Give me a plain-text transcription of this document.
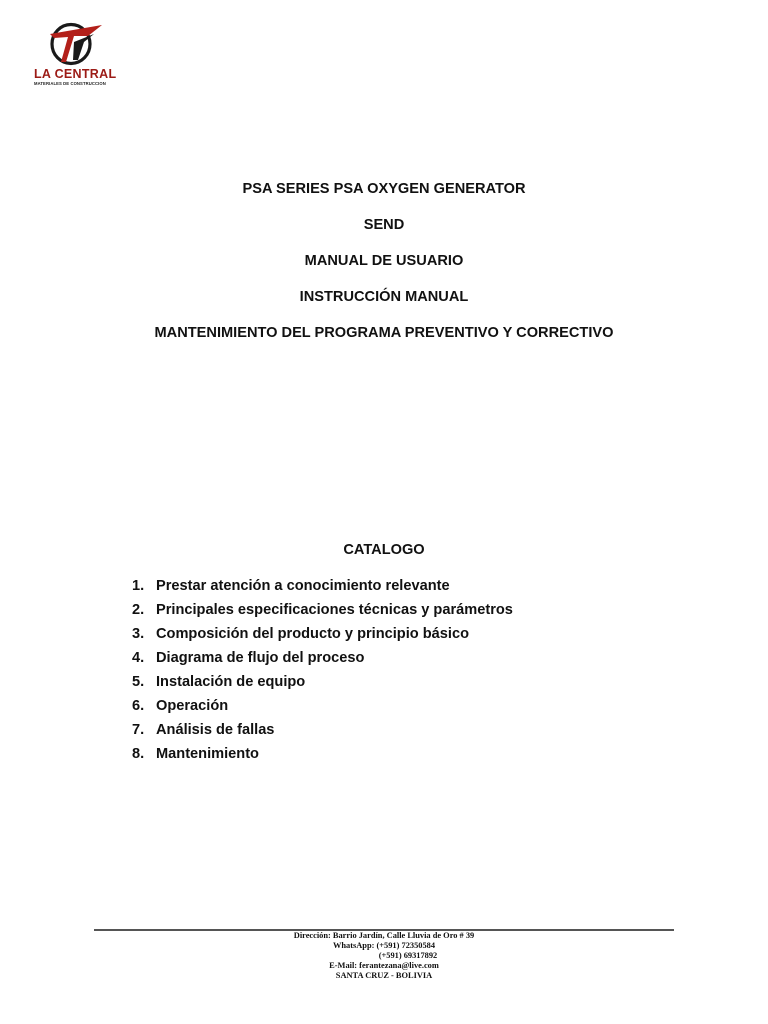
LA CENTRAL
MATERIALES DE CONSTRUCCION
PSA SERIES PSA OXYGEN GENERATOR
SEND
MANUAL DE USUARIO
INSTRUCCIÓN MANUAL
MANTENIMIENTO DEL PROGRAMA PREVENTIVO Y CORRECTIVO
CATALOGO
1. Prestar atención a conocimiento relevante
2. Principales especificaciones técnicas y parámetros
3. Composición del producto y principio básico
4. Diagrama de flujo del proceso
5. Instalación de equipo
6. Operación
7. Análisis de fallas
8. Mantenimiento
Dirección: Barrio Jardín, Calle Lluvia de Oro # 39
WhatsApp: (+591) 72350584
(+591) 69317892
E-Mail: ferantezana@live.com
SANTA CRUZ - BOLIVIA
